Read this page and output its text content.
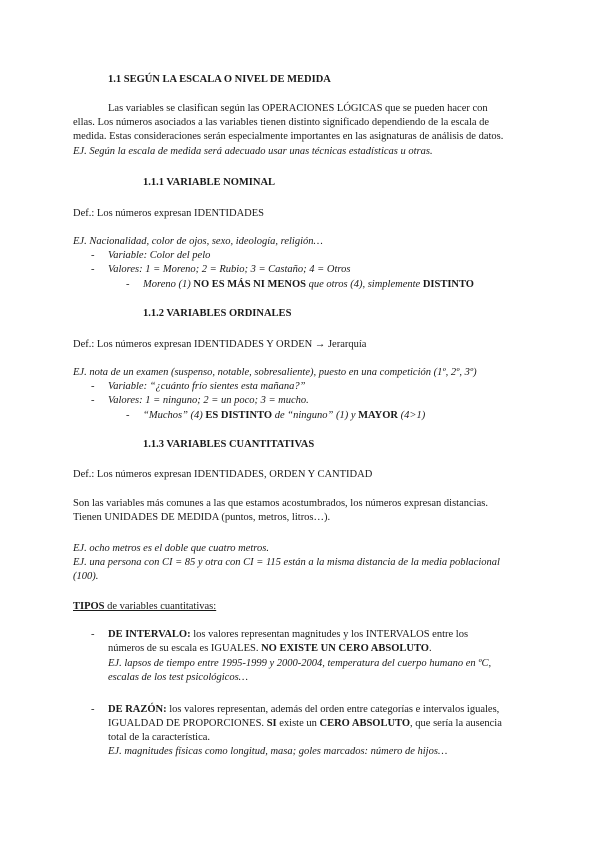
1.1 SEGÚN LA ESCALA O NIVEL DE MEDIDA
Las variables se clasifican según las OPERACIONES LÓGICAS que se pueden hacer con
ellas. Los números asociados a las variables tienen distinto significado dependiendo de la escala de
medida. Estas consideraciones serán especialmente importantes en las asignaturas de análisis de datos.
EJ. Según la escala de medida será adecuado usar unas técnicas estadísticas u otras.
1.1.1 VARIABLE NOMINAL
Def.: Los números expresan IDENTIDADES
EJ. Nacionalidad, color de ojos, sexo, ideología, religión…
- Variable: Color del pelo
- Valores: 1 = Moreno; 2 = Rubio; 3 = Castaño; 4 = Otros
- Moreno (1) NO ES MÁS NI MENOS que otros (4), simplemente DISTINTO
1.1.2 VARIABLES ORDINALES
Def.: Los números expresan IDENTIDADES Y ORDEN → Jerarquía
EJ. nota de un examen (suspenso, notable, sobresaliente), puesto en una competición (1º, 2º, 3º)
- Variable: “¿cuánto frío sientes esta mañana?”
- Valores: 1 = ninguno; 2 = un poco; 3 = mucho.
- “Muchos” (4) ES DISTINTO de “ninguno” (1) y MAYOR (4>1)
1.1.3 VARIABLES CUANTITATIVAS
Def.: Los números expresan IDENTIDADES, ORDEN Y CANTIDAD
Son las variables más comunes a las que estamos acostumbrados, los números expresan distancias.
Tienen UNIDADES DE MEDIDA (puntos, metros, litros…).
EJ. ocho metros es el doble que cuatro metros.
EJ. una persona con CI = 85 y otra con CI = 115 están a la misma distancia de la media poblacional
(100).
TIPOS de variables cuantitativas:
- DE INTERVALO: los valores representan magnitudes y los INTERVALOS entre los
números de su escala es IGUALES. NO EXISTE UN CERO ABSOLUTO.
EJ. lapsos de tiempo entre 1995-1999 y 2000-2004, temperatura del cuerpo humano en ºC,
escalas de los test psicológicos…
- DE RAZÓN: los valores representan, además del orden entre categorías e intervalos iguales,
IGUALDAD DE PROPORCIONES. SI existe un CERO ABSOLUTO, que sería la ausencia
total de la característica.
EJ. magnitudes físicas como longitud, masa; goles marcados: número de hijos…
